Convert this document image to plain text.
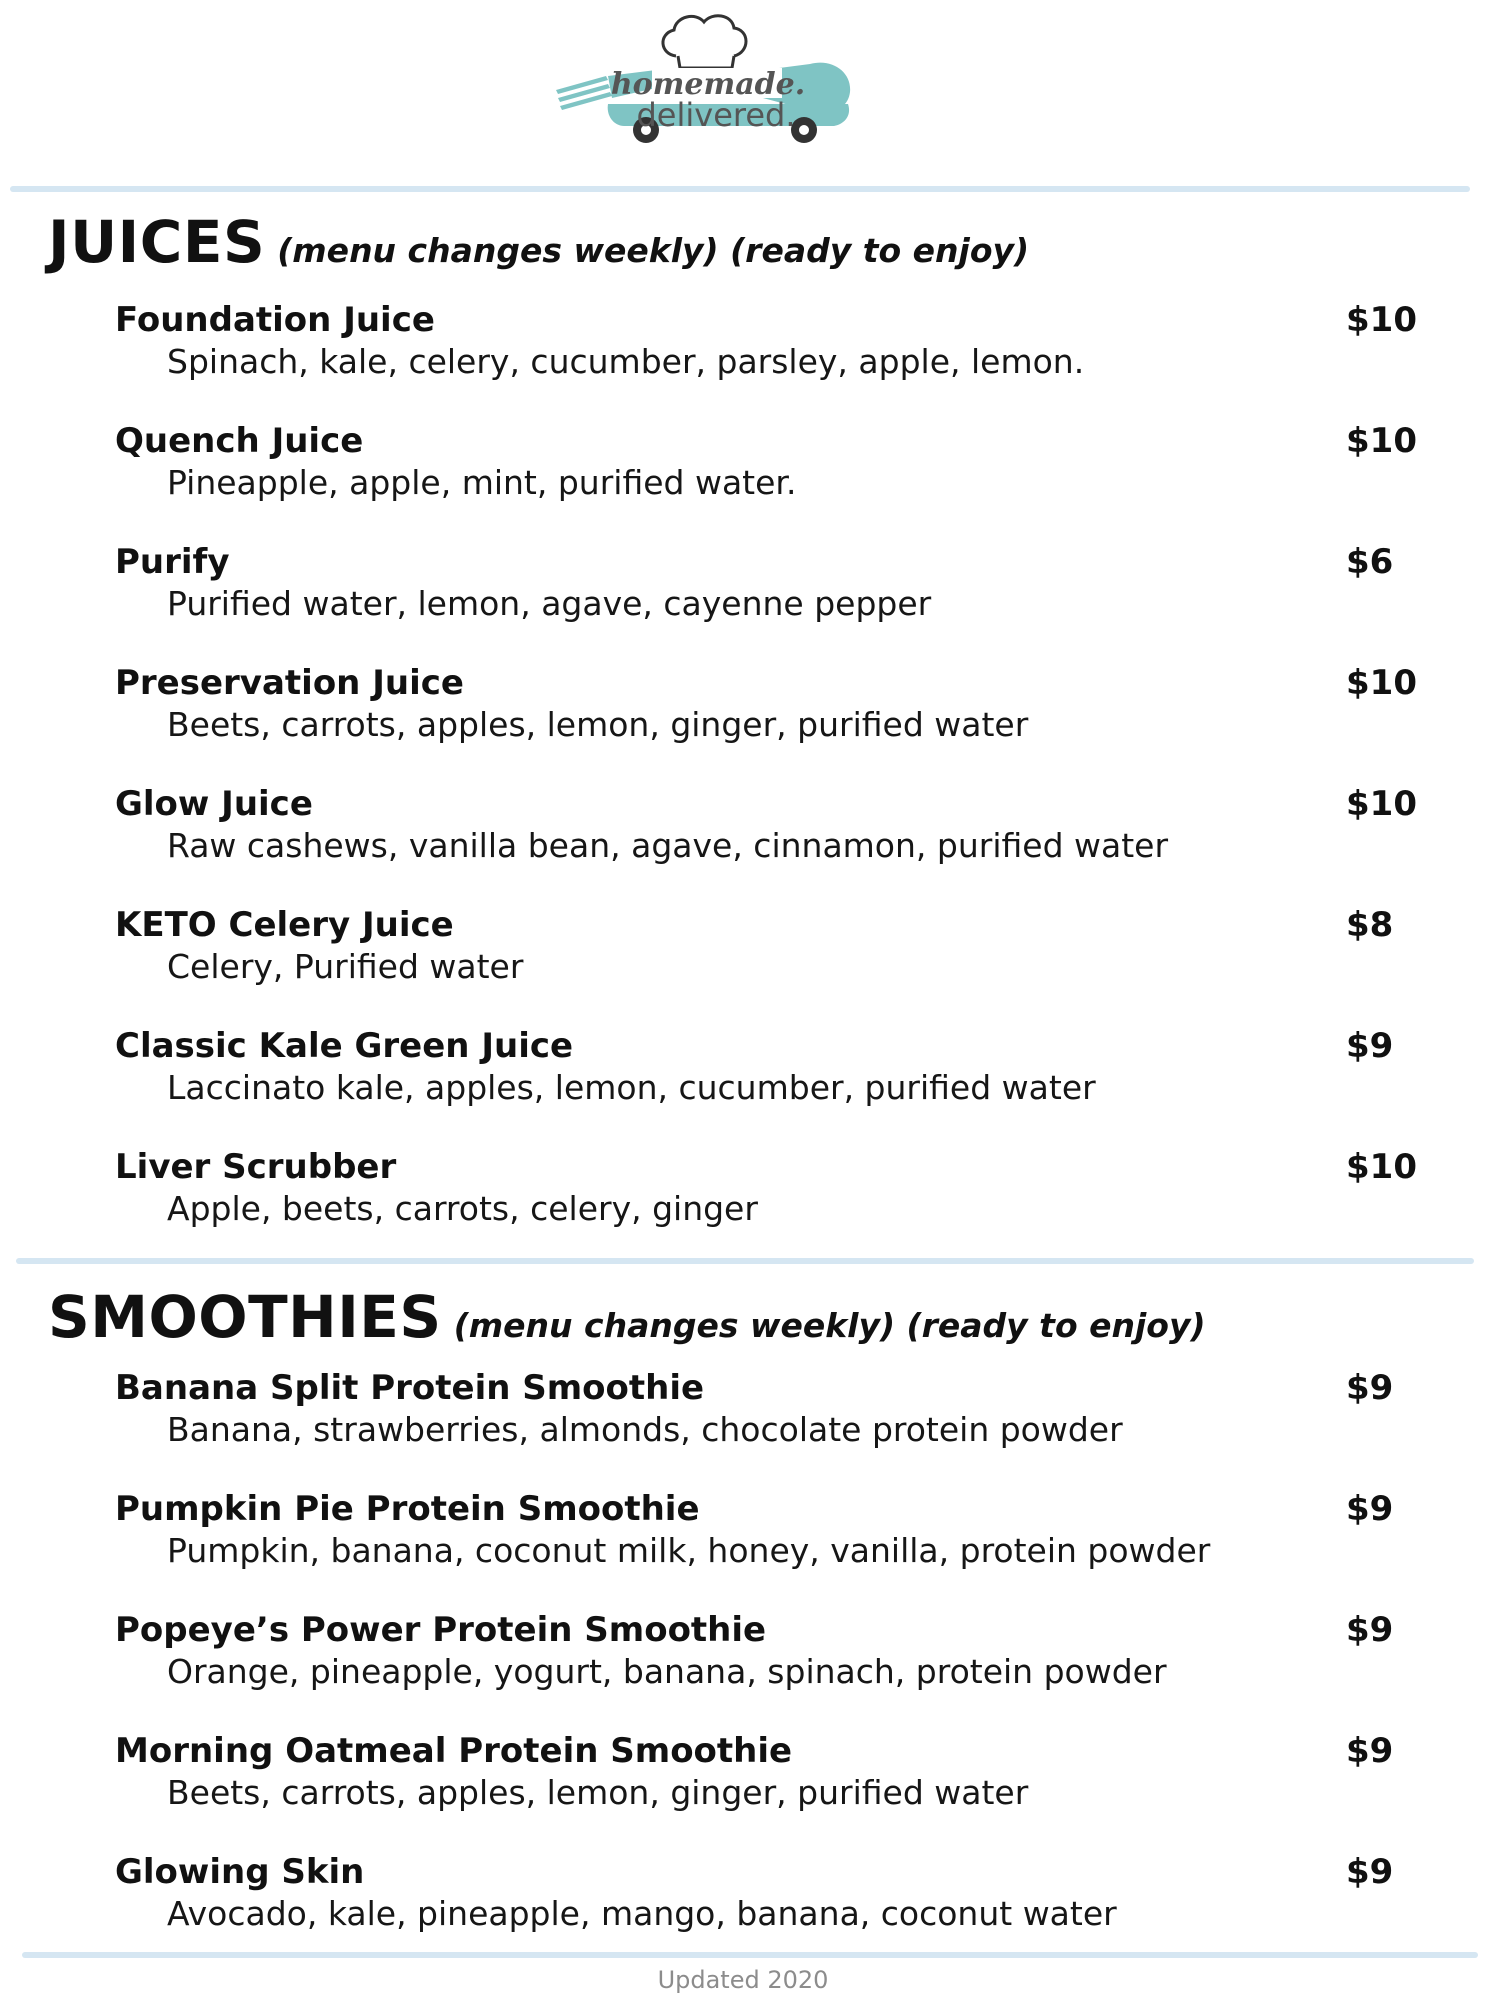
homemade.
delivered.
JUICES (menu changes weekly) (ready to enjoy)
Foundation Juice
Spinach, kale, celery, cucumber, parsley, apple, lemon.
$10
Quench Juice
Pineapple, apple, mint, purified water.
$10
Purify
Purified water, lemon, agave, cayenne pepper
$6
Preservation Juice
Beets, carrots, apples, lemon, ginger, purified water
$10
Glow Juice
Raw cashews, vanilla bean, agave, cinnamon, purified water
$10
KETO Celery Juice
Celery, Purified water
$8
Classic Kale Green Juice
Laccinato kale, apples, lemon, cucumber, purified water
$9
Liver Scrubber
Apple, beets, carrots, celery, ginger
$10
SMOOTHIES (menu changes weekly) (ready to enjoy)
Banana Split Protein Smoothie
Banana, strawberries, almonds, chocolate protein powder
$9
Pumpkin Pie Protein Smoothie
Pumpkin, banana, coconut milk, honey, vanilla, protein powder
$9
Popeye’s Power Protein Smoothie
Orange, pineapple, yogurt, banana, spinach, protein powder
$9
Morning Oatmeal Protein Smoothie
Beets, carrots, apples, lemon, ginger, purified water
$9
Glowing Skin
Avocado, kale, pineapple, mango, banana, coconut water
$9
Updated 2020
